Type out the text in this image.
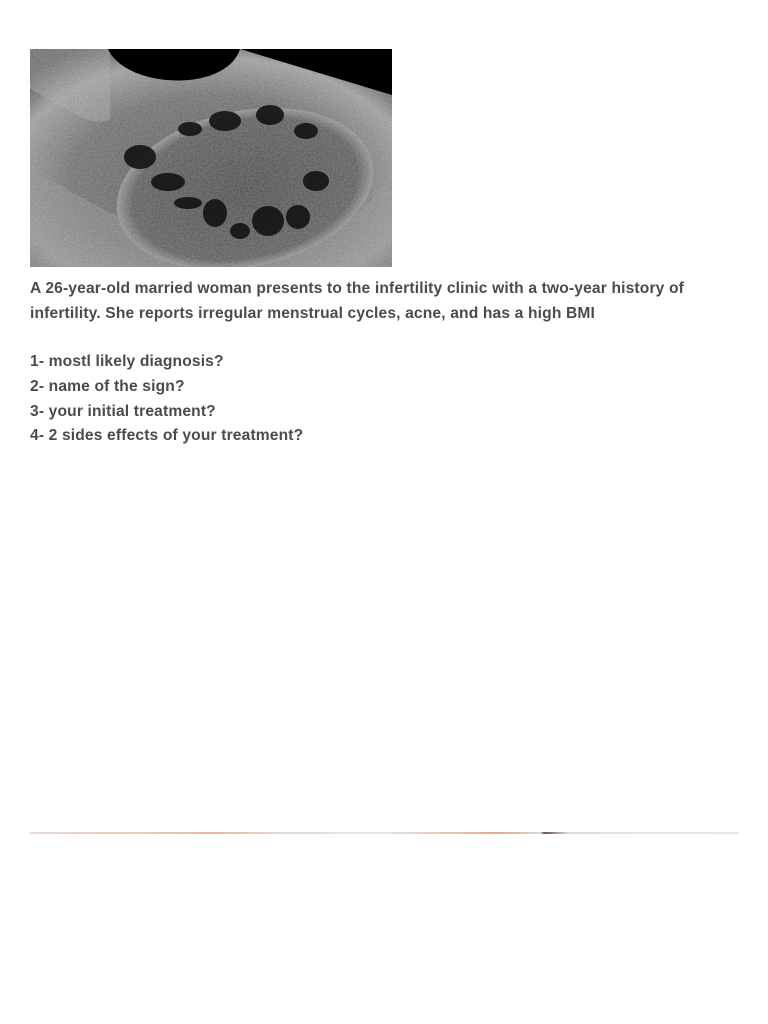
A 26-year-old married woman presents to the infertility clinic with a two-year history of infertility. She reports irregular menstrual cycles, acne, and has a high BMI

1- mostl likely diagnosis?
2- name of the sign?
3- your initial treatment?
4- 2 sides effects of your treatment?
